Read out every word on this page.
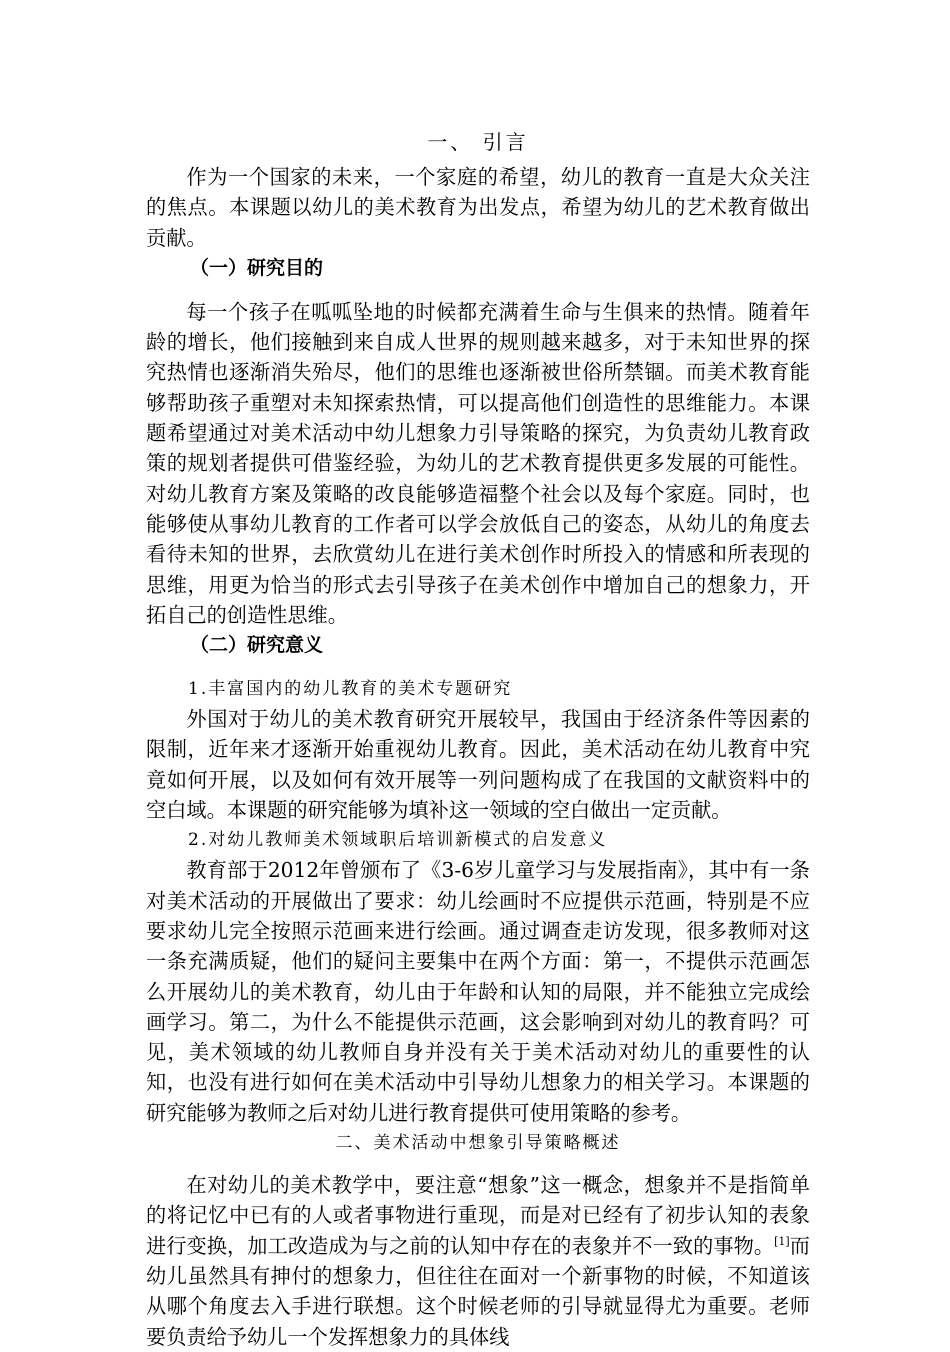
一、 引言

作为一个国家的未来，一个家庭的希望，幼儿的教育一直是大众关注的焦点。本课题以幼儿的美术教育为出发点，希望为幼儿的艺术教育做出贡献。

（一）研究目的

每一个孩子在呱呱坠地的时候都充满着生命与生俱来的热情。随着年龄的增长，他们接触到来自成人世界的规则越来越多，对于未知世界的探究热情也逐渐消失殆尽，他们的思维也逐渐被世俗所禁锢。而美术教育能够帮助孩子重塑对未知探索热情，可以提高他们创造性的思维能力。本课题希望通过对美术活动中幼儿想象力引导策略的探究，为负责幼儿教育政策的规划者提供可借鉴经验，为幼儿的艺术教育提供更多发展的可能性。对幼儿教育方案及策略的改良能够造福整个社会以及每个家庭。同时，也能够使从事幼儿教育的工作者可以学会放低自己的姿态，从幼儿的角度去看待未知的世界，去欣赏幼儿在进行美术创作时所投入的情感和所表现的思维，用更为恰当的形式去引导孩子在美术创作中增加自己的想象力，开拓自己的创造性思维。

（二）研究意义

1.丰富国内的幼儿教育的美术专题研究

外国对于幼儿的美术教育研究开展较早，我国由于经济条件等因素的限制，近年来才逐渐开始重视幼儿教育。因此，美术活动在幼儿教育中究竟如何开展，以及如何有效开展等一列问题构成了在我国的文献资料中的空白域。本课题的研究能够为填补这一领域的空白做出一定贡献。

2.对幼儿教师美术领域职后培训新模式的启发意义

教育部于2012年曾颁布了《3-6岁儿童学习与发展指南》，其中有一条对美术活动的开展做出了要求：幼儿绘画时不应提供示范画，特别是不应要求幼儿完全按照示范画来进行绘画。通过调查走访发现，很多教师对这一条充满质疑，他们的疑问主要集中在两个方面：第一，不提供示范画怎么开展幼儿的美术教育，幼儿由于年龄和认知的局限，并不能独立完成绘画学习。第二，为什么不能提供示范画，这会影响到对幼儿的教育吗？可见，美术领域的幼儿教师自身并没有关于美术活动对幼儿的重要性的认知，也没有进行如何在美术活动中引导幼儿想象力的相关学习。本课题的研究能够为教师之后对幼儿进行教育提供可使用策略的参考。

二、美术活动中想象引导策略概述

在对幼儿的美术教学中，要注意“想象”这一概念，想象并不是指简单的将记忆中已有的人或者事物进行重现，而是对已经有了初步认知的表象进行变换，加工改造成为与之前的认知中存在的表象并不一致的事物。[1]而幼儿虽然具有抻付的想象力，但往往在面对一个新事物的时候，不知道该从哪个角度去入手进行联想。这个时候老师的引导就显得尤为重要。老师要负责给予幼儿一个发挥想象力的具体线
